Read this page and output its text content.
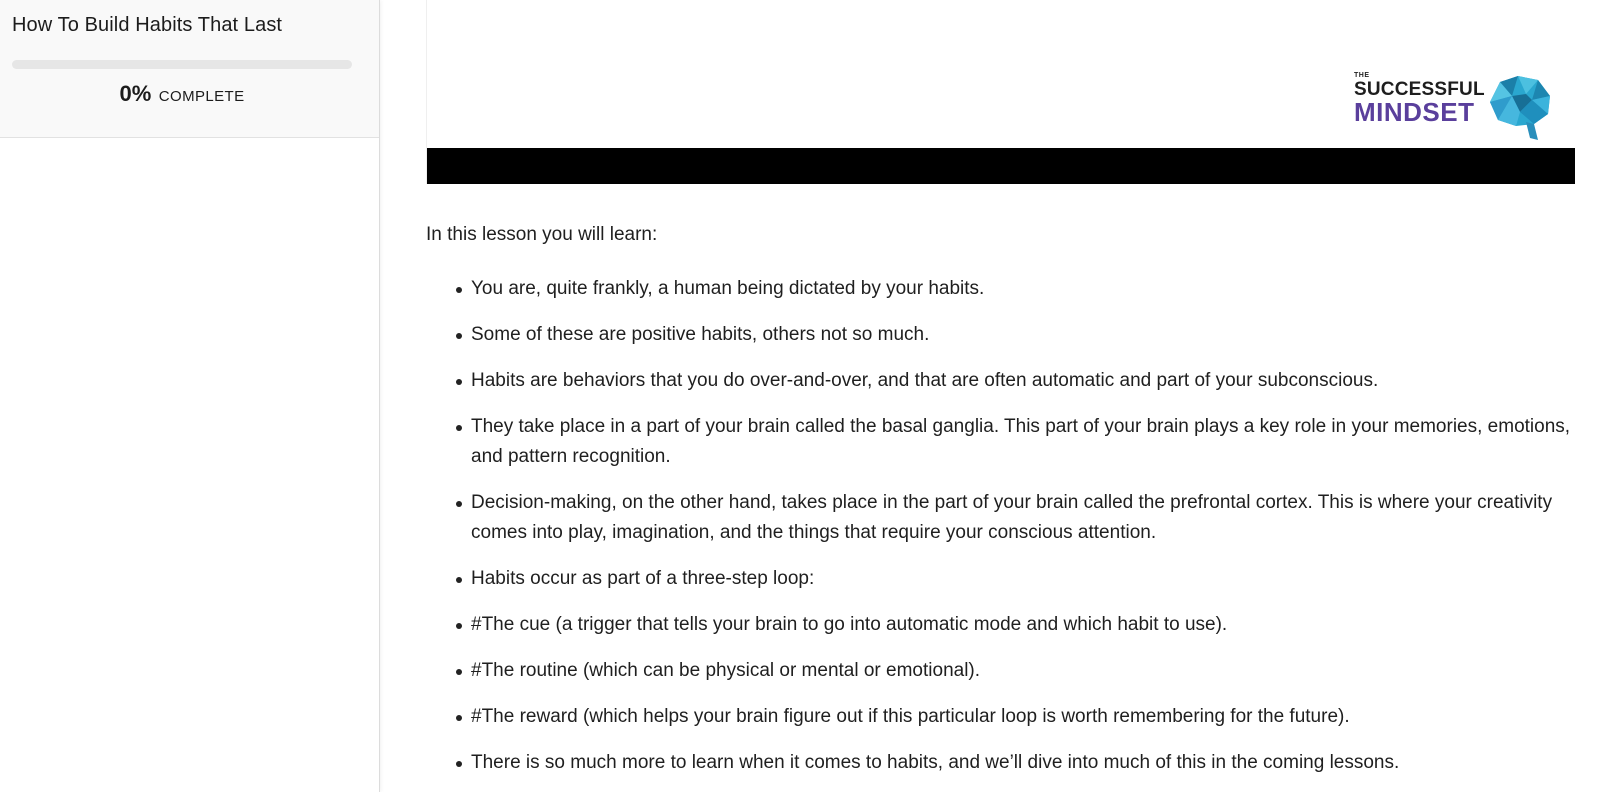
How To Build Habits That Last
0% COMPLETE
THE
SUCCESSFUL
MINDSET

In this lesson you will learn:

You are, quite frankly, a human being dictated by your habits.
Some of these are positive habits, others not so much.
Habits are behaviors that you do over-and-over, and that are often automatic and part of your subconscious.
They take place in a part of your brain called the basal ganglia. This part of your brain plays a key role in your memories, emotions, and pattern recognition.
Decision-making, on the other hand, takes place in the part of your brain called the prefrontal cortex. This is where your creativity comes into play, imagination, and the things that require your conscious attention.
Habits occur as part of a three-step loop:
#The cue (a trigger that tells your brain to go into automatic mode and which habit to use).
#The routine (which can be physical or mental or emotional).
#The reward (which helps your brain figure out if this particular loop is worth remembering for the future).
There is so much more to learn when it comes to habits, and we’ll dive into much of this in the coming lessons.
